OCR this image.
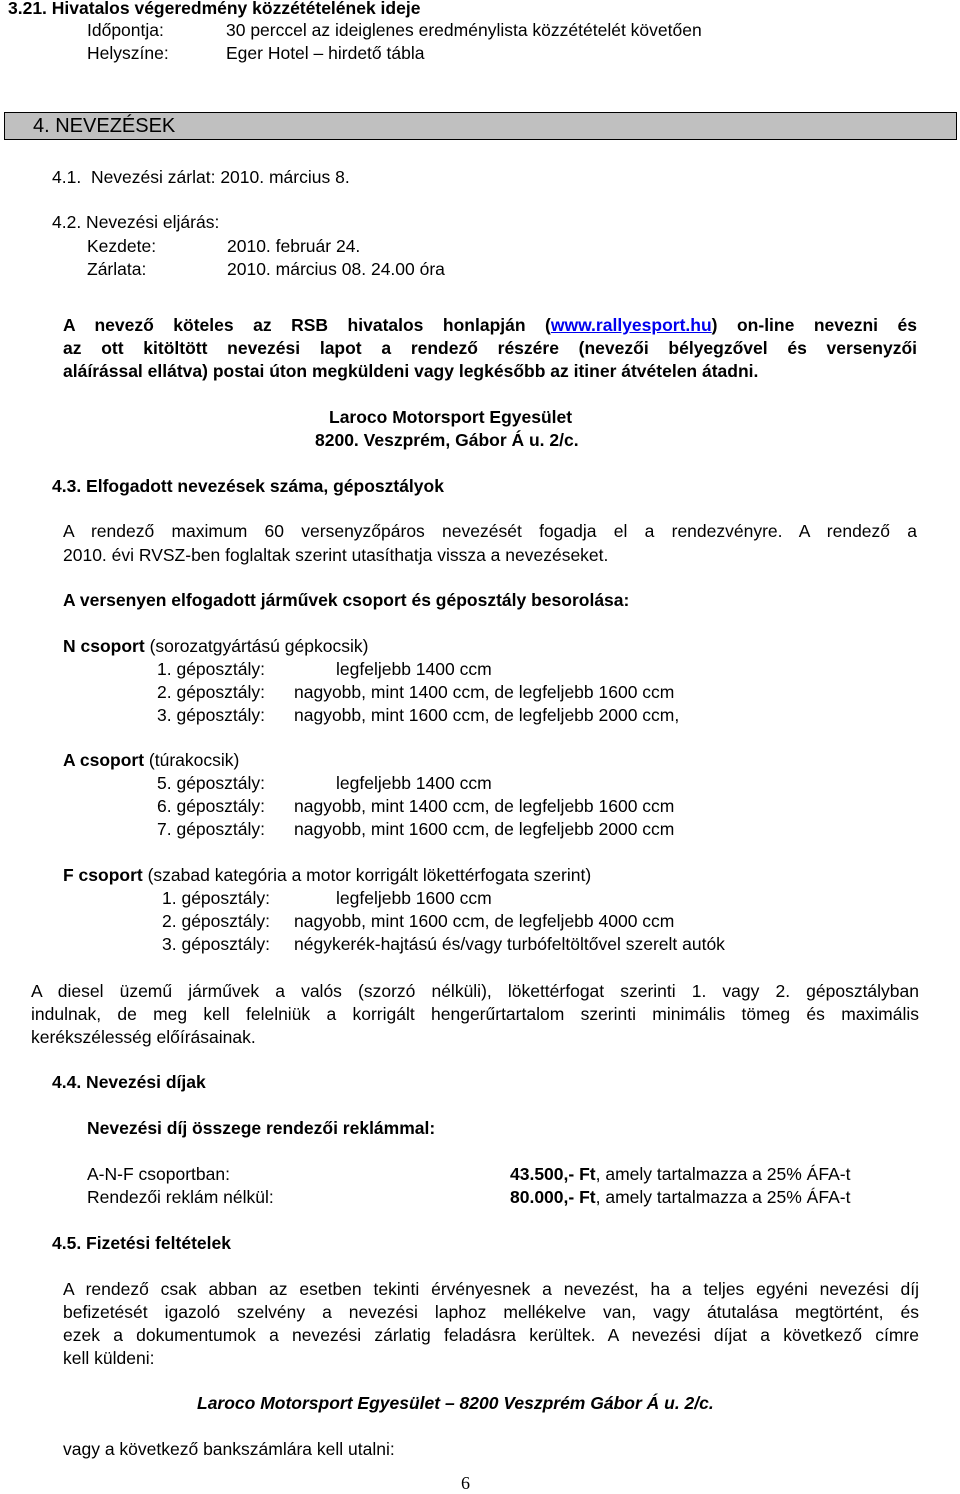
3.21. Hivatalos végeredmény közzétételének ideje
Időpontja:	30 perccel az ideiglenes eredménylista közzétételét követően
Helyszíne:	Eger Hotel – hirdető tábla
4. NEVEZÉSEK
4.1. Nevezési zárlat: 2010. március 8.
4.2. Nevezési eljárás:
Kezdete:	2010. február 24.
Zárlata:	2010. március 08. 24.00 óra
A nevező köteles az RSB hivatalos honlapján (www.rallyesport.hu) on-line nevezni és
az ott kitöltött nevezési lapot a rendező részére (nevezői bélyegzővel és versenyzői
aláírással ellátva) postai úton megküldeni vagy legkésőbb az itiner átvételen átadni.
Laroco Motorsport Egyesület
8200. Veszprém, Gábor Á u. 2/c.
4.3. Elfogadott nevezések száma, géposztályok
A rendező maximum 60 versenyzőpáros nevezését fogadja el a rendezvényre. A rendező a
2010. évi RVSZ-ben foglaltak szerint utasíthatja vissza a nevezéseket.
A versenyen elfogadott járművek csoport és géposztály besorolása:
N csoport (sorozatgyártású gépkocsik)
1. géposztály:	legfeljebb 1400 ccm
2. géposztály: nagyobb, mint 1400 ccm, de legfeljebb 1600 ccm
3. géposztály: nagyobb, mint 1600 ccm, de legfeljebb 2000 ccm,
A csoport (túrakocsik)
5. géposztály:	legfeljebb 1400 ccm
6. géposztály: nagyobb, mint 1400 ccm, de legfeljebb 1600 ccm
7. géposztály: nagyobb, mint 1600 ccm, de legfeljebb 2000 ccm
F csoport (szabad kategória a motor korrigált lökettérfogata szerint)
1. géposztály:	legfeljebb 1600 ccm
2. géposztály: nagyobb, mint 1600 ccm, de legfeljebb 4000 ccm
3. géposztály: négykerék-hajtású és/vagy turbófeltöltővel szerelt autók
A diesel üzemű járművek a valós (szorzó nélküli), lökettérfogat szerinti 1. vagy 2. géposztályban
indulnak, de meg kell felelniük a korrigált hengerűrtartalom szerinti minimális tömeg és maximális
kerékszélesség előírásainak.
4.4. Nevezési díjak
Nevezési díj összege rendezői reklámmal:
A-N-F csoportban:	43.500,- Ft, amely tartalmazza a 25% ÁFA-t
Rendezői reklám nélkül:	80.000,- Ft, amely tartalmazza a 25% ÁFA-t
4.5. Fizetési feltételek
A rendező csak abban az esetben tekinti érvényesnek a nevezést, ha a teljes egyéni nevezési díj
befizetését igazoló szelvény a nevezési laphoz mellékelve van, vagy átutalása megtörtént, és
ezek a dokumentumok a nevezési zárlatig feladásra kerültek. A nevezési díjat a következő címre
kell küldeni:
Laroco Motorsport Egyesület – 8200 Veszprém Gábor Á u. 2/c.
vagy a következő bankszámlára kell utalni:
6
